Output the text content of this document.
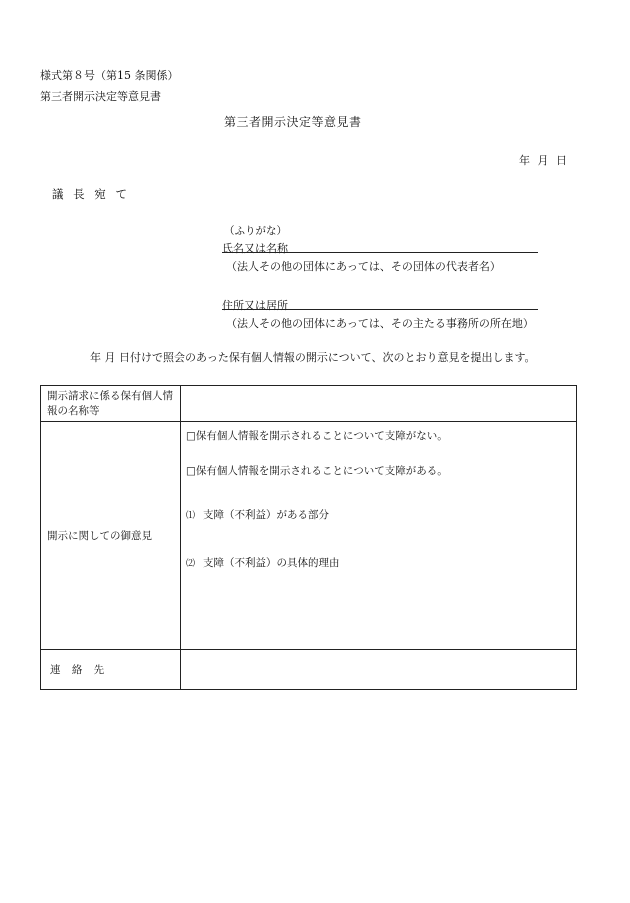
様式第８号（第15 条関係）
第三者開示決定等意見書
第三者開示決定等意見書
年 月 日
議 長 宛 て
（ふりがな）
氏名又は名称
（法人その他の団体にあっては、その団体の代表者名）
住所又は居所
（法人その他の団体にあっては、その主たる事務所の所在地）
年 月 日付けで照会のあった保有個人情報の開示について、次のとおり意見を提出します。
開示請求に係る保有個人情報の名称等	
開示に関しての御意見	□保有個人情報を開示されることについて支障がない。
□保有個人情報を開示されることについて支障がある。
⑴ 支障（不利益）がある部分
⑵ 支障（不利益）の具体的理由

連 絡 先	
